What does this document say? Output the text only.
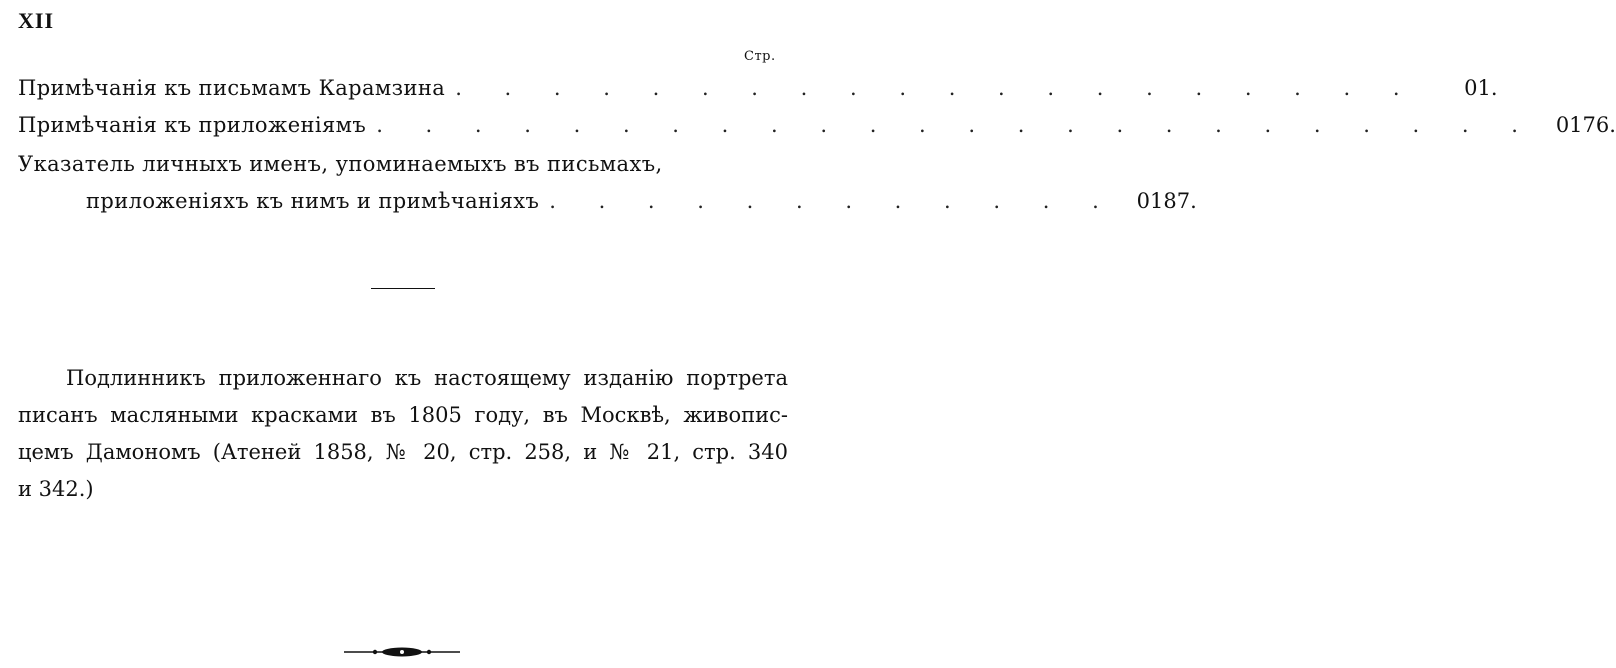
XII
Стр.
Примѣчанія къ письмамъ Карамзина . . . . . . . . . . . . . . . . . . . .	01.
Примѣчанія къ приложеніямъ . . . . . . . . . . . . . . . . . . . . . . . . 0176.
Указатель личныхъ именъ, упоминаемыхъ въ письмахъ,
приложеніяхъ къ нимъ и примѣчаніяхъ . . . . . . . . . . . . 0187.
Подлинникъ приложеннаго къ настоящему изданію портрета
писанъ масляными красками въ 1805 году, въ Москвѣ, живопис-
цемъ Дамономъ (Атеней 1858, № 20, стр. 258, и № 21, стр. 340
и 342.)
